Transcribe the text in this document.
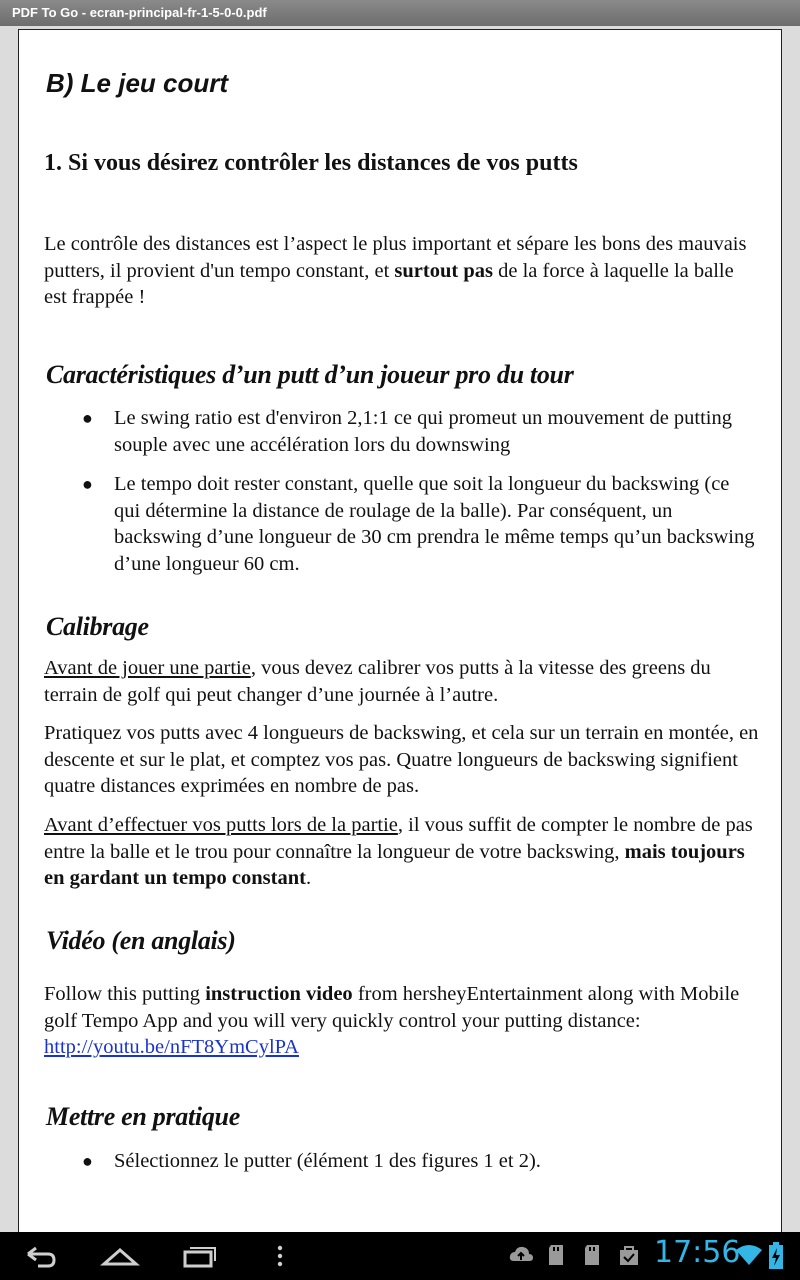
PDF To Go - ecran-principal-fr-1-5-0-0.pdf
B) Le jeu court
1. Si vous désirez contrôler les distances de vos putts

Le contrôle des distances est l’aspect le plus important et sépare les bons des mauvais putters, il provient d'un tempo constant, et surtout pas de la force à laquelle la balle est frappée !

Caractéristiques d’un putt d’un joueur pro du tour
● Le swing ratio est d'environ 2,1:1 ce qui promeut un mouvement de putting souple avec une accélération lors du downswing
● Le tempo doit rester constant, quelle que soit la longueur du backswing (ce qui détermine la distance de roulage de la balle). Par conséquent, un backswing d’une longueur de 30 cm prendra le même temps qu’un backswing d’une longueur 60 cm.
Calibrage

Avant de jouer une partie, vous devez calibrer vos putts à la vitesse des greens du terrain de golf qui peut changer d’une journée à l’autre.

Pratiquez vos putts avec 4 longueurs de backswing, et cela sur un terrain en montée, en descente et sur le plat, et comptez vos pas. Quatre longueurs de backswing signifient quatre distances exprimées en nombre de pas.

Avant d’effectuer vos putts lors de la partie, il vous suffit de compter le nombre de pas entre la balle et le trou pour connaître la longueur de votre backswing, mais toujours en gardant un tempo constant.

Vidéo (en anglais)

Follow this putting instruction video from hersheyEntertainment along with Mobile golf Tempo App and you will very quickly control your putting distance: http://youtu.be/nFT8YmCylPA

Mettre en pratique
● Sélectionnez le putter (élément 1 des figures 1 et 2).
17:56
